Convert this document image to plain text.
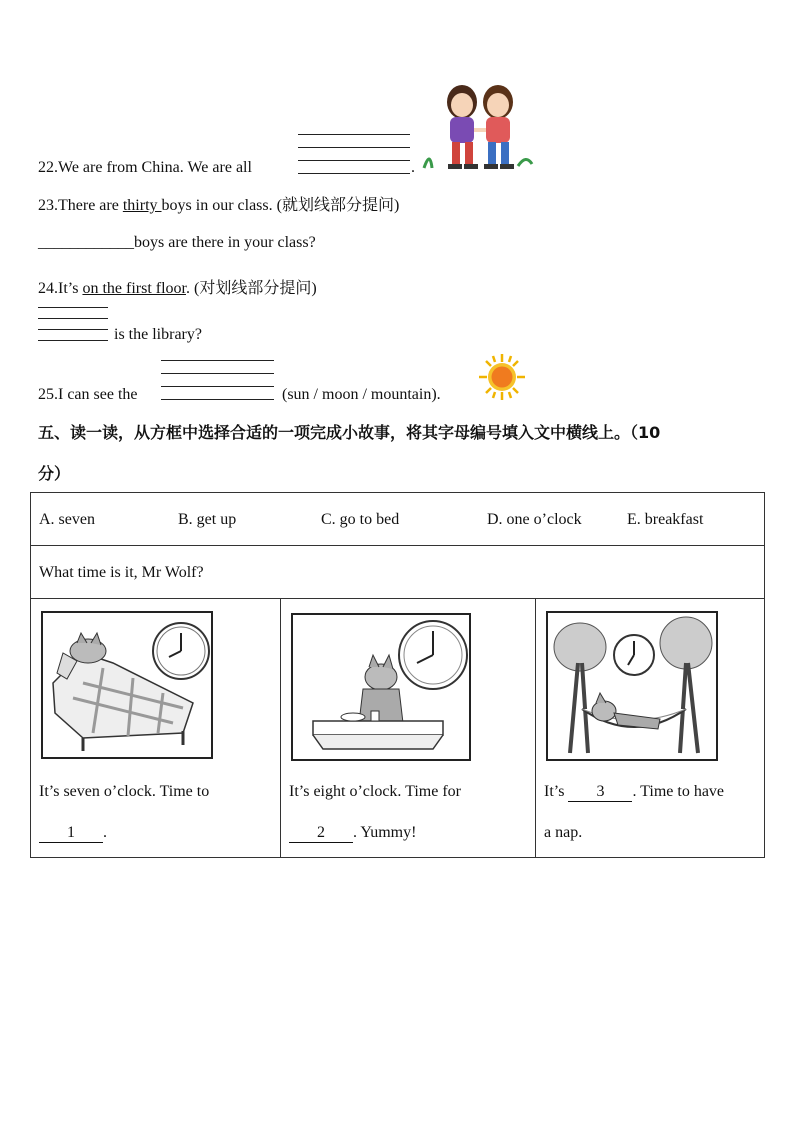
22.We are from China. We are all	.
23.There are thirty boys in our class. (就划线部分提问)
____________boys are there in your class?
24.It’s on the first floor. (对划线部分提问)
is the library?
25.I can see the	(sun / moon / mountain).
五、读一读，从方框中选择合适的一项完成小故事，将其字母编号填入文中横线上。（10
分）
A. seven	B. get up	C. go to bed	D. one o’clock	E. breakfast

What time is it, Mr Wolf?

It’s seven o’clock. Time to
1 .

It’s eight o’clock. Time for
2 . Yummy!

It’s 3 . Time to have
a nap.
